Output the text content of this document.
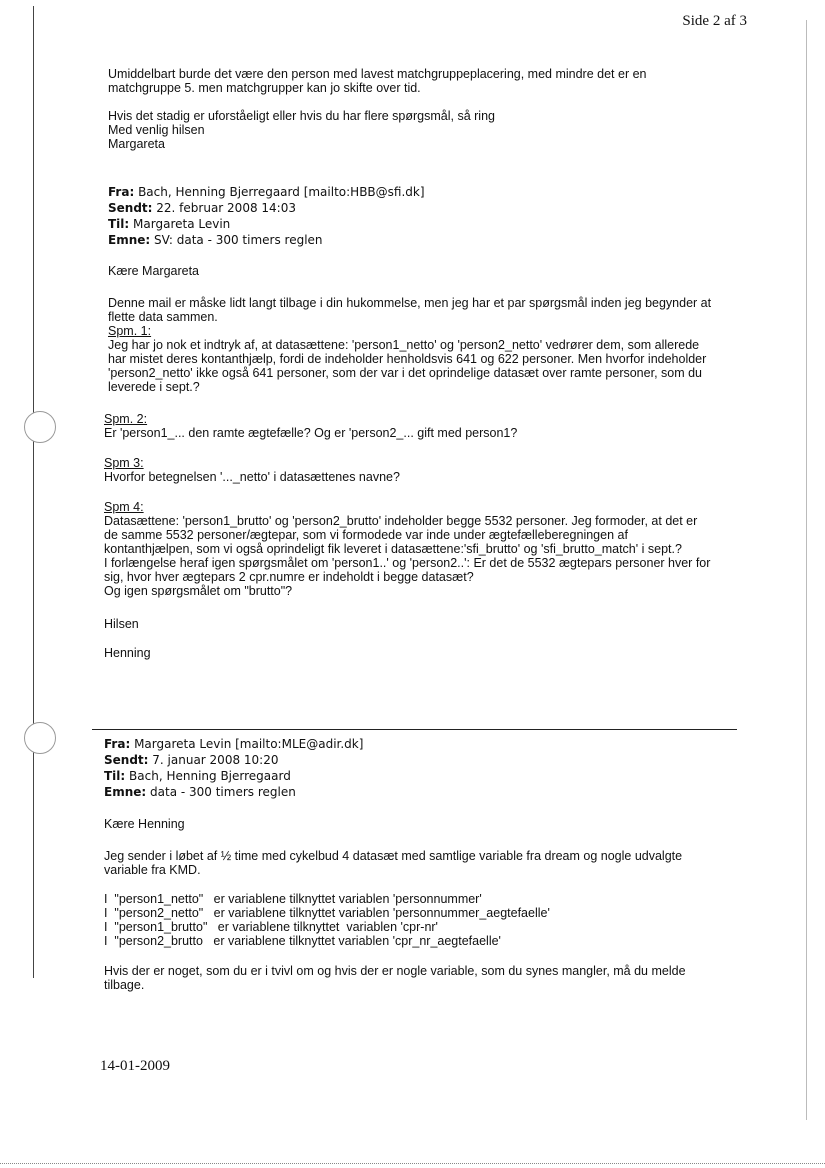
Side 2 af 3

Umiddelbart burde det være den person med lavest matchgruppeplacering, med mindre det er en

matchgruppe 5. men matchgrupper kan jo skifte over tid.

Hvis det stadig er uforståeligt eller hvis du har flere spørgsmål, så ring

Med venlig hilsen

Margareta

Fra: Bach, Henning Bjerregaard [mailto:HBB@sfi.dk]
Sendt: 22. februar 2008 14:03
Til: Margareta Levin
Emne: SV: data - 300 timers reglen
Kære Margareta

Denne mail er måske lidt langt tilbage i din hukommelse, men jeg har et par spørgsmål inden jeg begynder at

flette data sammen.

Spm. 1:

Jeg har jo nok et indtryk af, at datasættene: 'person1_netto' og 'person2_netto' vedrører dem, som allerede

har mistet deres kontanthjælp, fordi de indeholder henholdsvis 641 og 622 personer. Men hvorfor indeholder

'person2_netto' ikke også 641 personer, som der var i det oprindelige datasæt over ramte personer, som du

leverede i sept.?

Spm. 2:

Er 'person1_... den ramte ægtefælle? Og er 'person2_... gift med person1?

Spm 3:

Hvorfor betegnelsen '..._netto' i datasættenes navne?

Spm 4:

Datasættene: 'person1_brutto' og 'person2_brutto' indeholder begge 5532 personer. Jeg formoder, at det er

de samme 5532 personer/ægtepar, som vi formodede var inde under ægtefælleberegningen af

kontanthjælpen, som vi også oprindeligt fik leveret i datasættene:'sfi_brutto' og 'sfi_brutto_match' i sept.?

I forlængelse heraf igen spørgsmålet om 'person1..' og 'person2..': Er det de 5532 ægtepars personer hver for

sig, hvor hver ægtepars 2 cpr.numre er indeholdt i begge datasæt?

Og igen spørgsmålet om "brutto"?

Hilsen
Henning
Fra: Margareta Levin [mailto:MLE@adir.dk]
Sendt: 7. januar 2008 10:20
Til: Bach, Henning Bjerregaard
Emne: data - 300 timers reglen
Kære Henning

Jeg sender i løbet af ½ time med cykelbud 4 datasæt med samtlige variable fra dream og nogle udvalgte

variable fra KMD.

I  "person1_netto"   er variablene tilknyttet variablen 'personnummer'

I  "person2_netto"   er variablene tilknyttet variablen 'personnummer_aegtefaelle'

I  "person1_brutto"   er variablene tilknyttet  variablen 'cpr-nr'

I  "person2_brutto   er variablene tilknyttet variablen 'cpr_nr_aegtefaelle'

Hvis der er noget, som du er i tvivl om og hvis der er nogle variable, som du synes mangler, må du melde

tilbage.

14-01-2009
